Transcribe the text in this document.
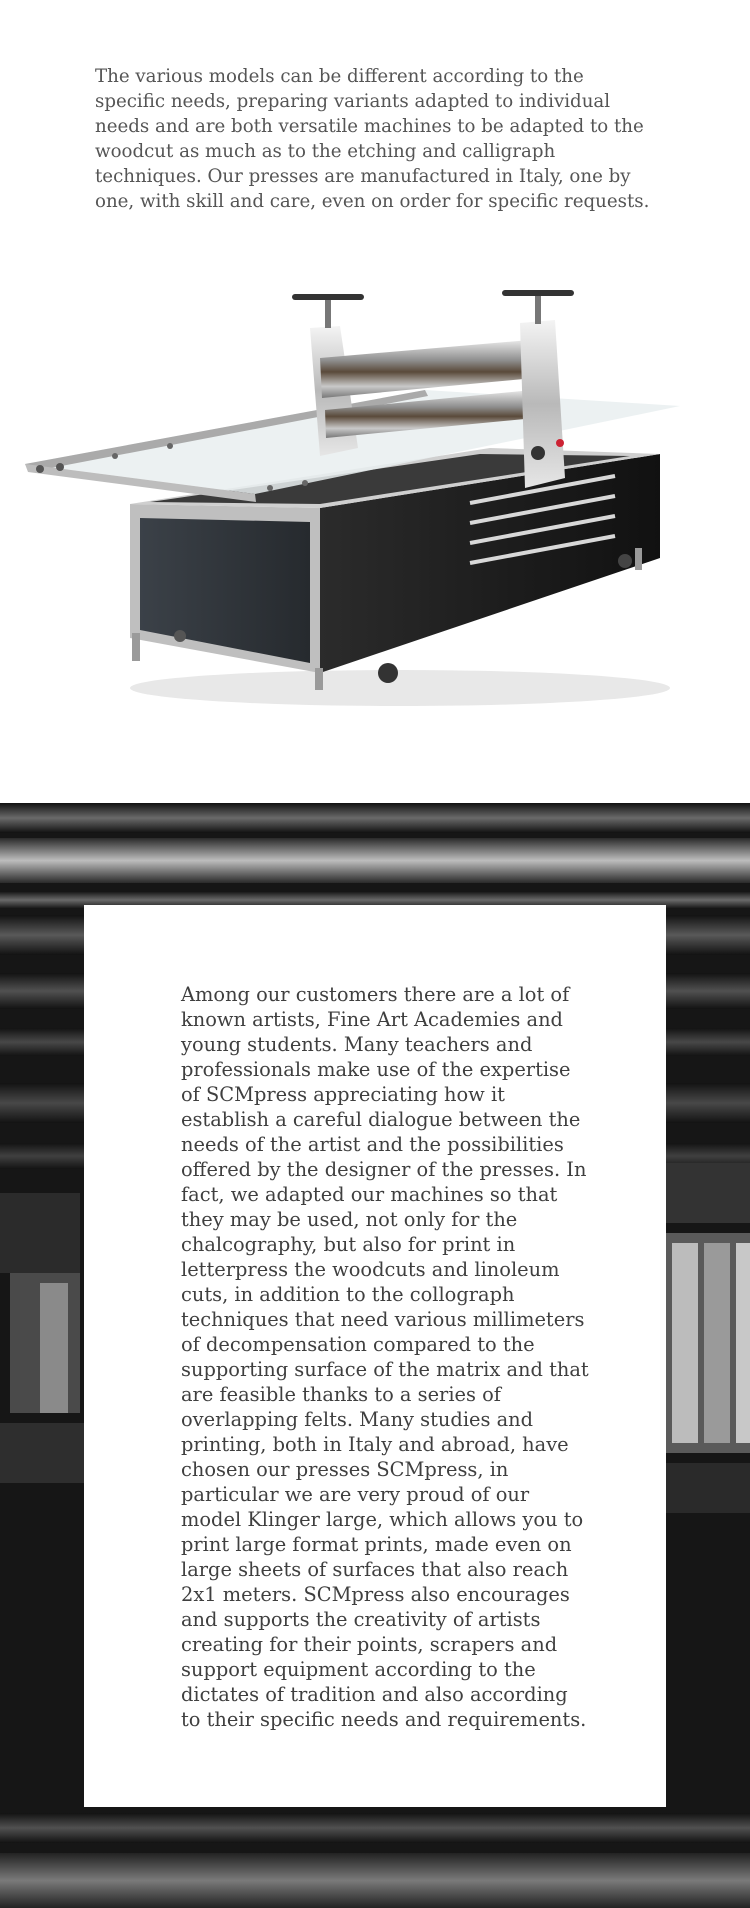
The various models can be different according to the specific needs, preparing variants adapted to individual needs and are both versatile machines to be adapted to the woodcut as much as to the etching and calligraph techniques. Our presses are manufactured in Italy, one by one, with skill and care, even on order for specific requests.

Among our customers there are a lot of known artists, Fine Art Academies and young students. Many teachers and professionals make use of the expertise of SCMpress appreciating how it establish a careful dialogue between the needs of the artist and the possibilities offered by the designer of the presses. In fact, we adapted our machines so that they may be used, not only for the chalcography, but also for print in letterpress the woodcuts and linoleum cuts, in addition to the collograph techniques that need various millimeters of decompensation compared to the supporting surface of the matrix and that are feasible thanks to a series of overlapping felts. Many studies and printing, both in Italy and abroad, have chosen our presses SCMpress, in particular we are very proud of our model Klinger large, which allows you to print large format prints, made even on large sheets of surfaces that also reach 2x1 meters. SCMpress also encourages and supports the creativity of artists creating for their points, scrapers and support equipment according to the dictates of tradition and also according to their specific needs and requirements.
